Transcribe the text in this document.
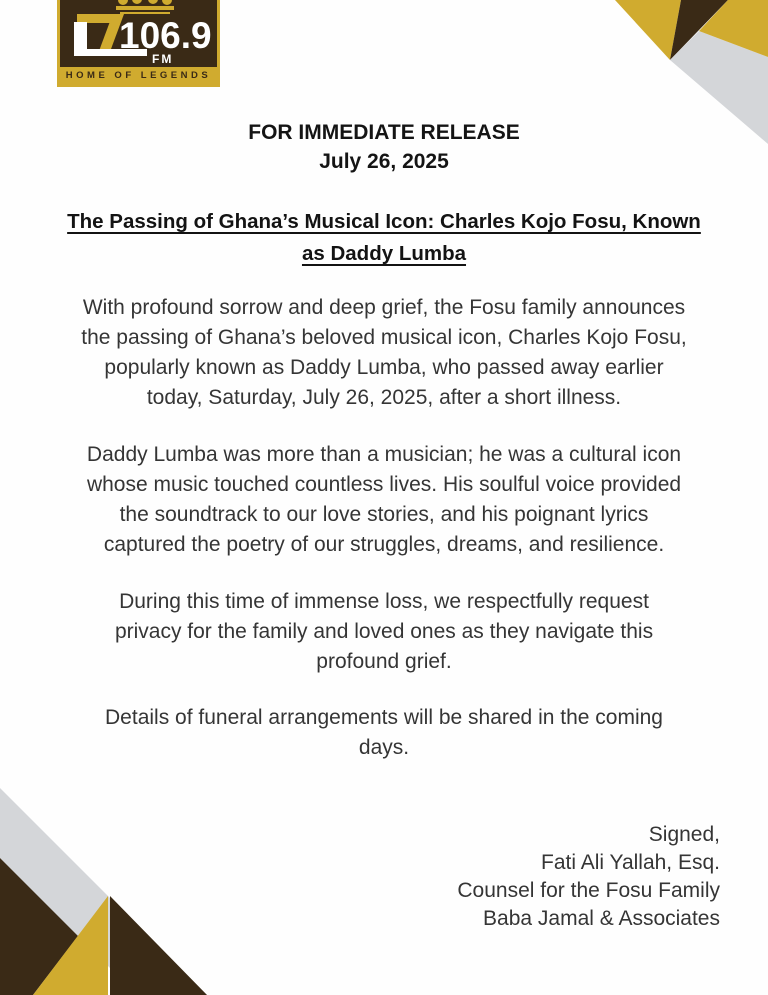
106.9
FM
HOME OF LEGENDS
FOR IMMEDIATE RELEASE
July 26, 2025
The Passing of Ghana’s Musical Icon: Charles Kojo Fosu, Known
as Daddy Lumba
With profound sorrow and deep grief, the Fosu family announces
the passing of Ghana’s beloved musical icon, Charles Kojo Fosu,
popularly known as Daddy Lumba, who passed away earlier
today, Saturday, July 26, 2025, after a short illness.
Daddy Lumba was more than a musician; he was a cultural icon
whose music touched countless lives. His soulful voice provided
the soundtrack to our love stories, and his poignant lyrics
captured the poetry of our struggles, dreams, and resilience.
During this time of immense loss, we respectfully request
privacy for the family and loved ones as they navigate this
profound grief.
Details of funeral arrangements will be shared in the coming
days.
Signed,
Fati Ali Yallah, Esq.
Counsel for the Fosu Family
Baba Jamal & Associates
